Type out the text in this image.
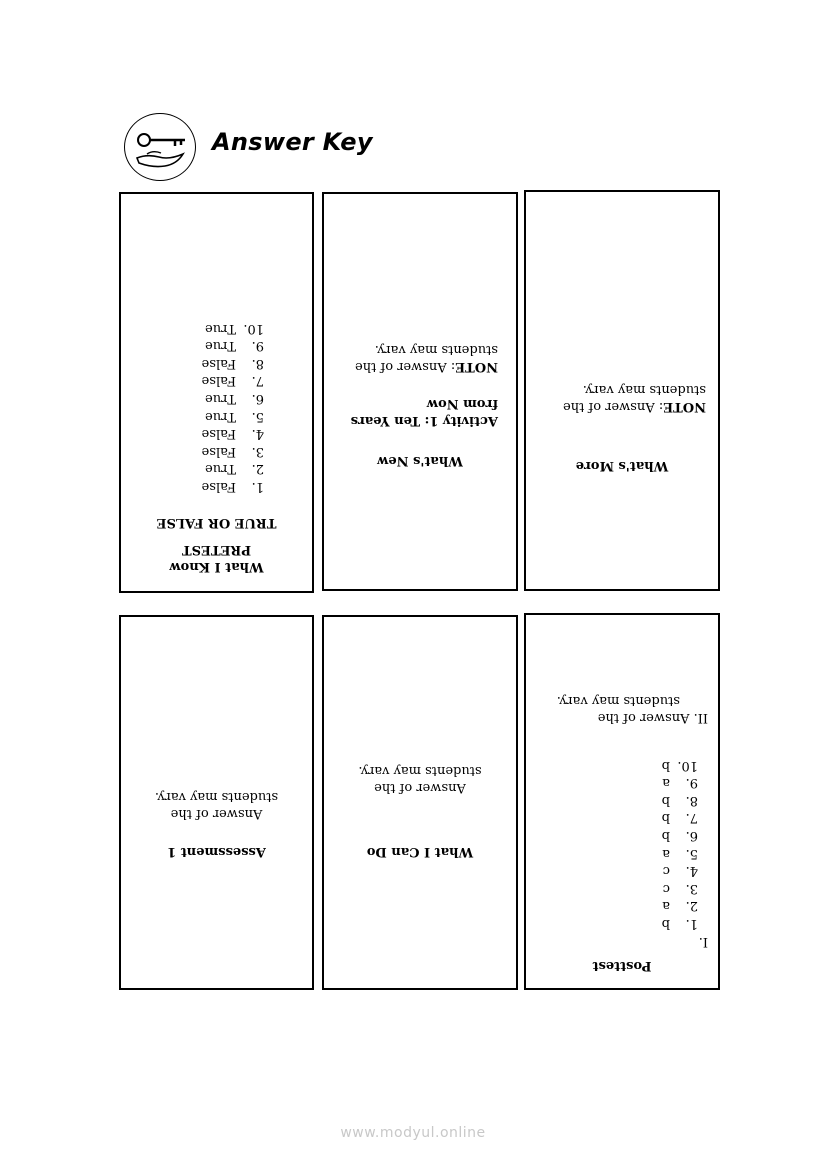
Answer Key
What I Know
PRETEST
TRUE OR FALSE
1.False
2.True
3.False
4.False
5.True
6.True
7.False
8.False
9.True
10.True
What's New
Activity 1: Ten Years
from Now
NOTE: Answer of the
students may vary.
What's More
NOTE: Answer of the
students may vary.
Assessment 1
Answer of the
students may vary.
What I Can Do
Answer of the
students may vary.
Posttest
I.
1.b
2.a
3.c
4.c
5.a
6.b
7.b
8.b
9.a
10.b
II. Answer of the
students may vary.
www.modyul.online
